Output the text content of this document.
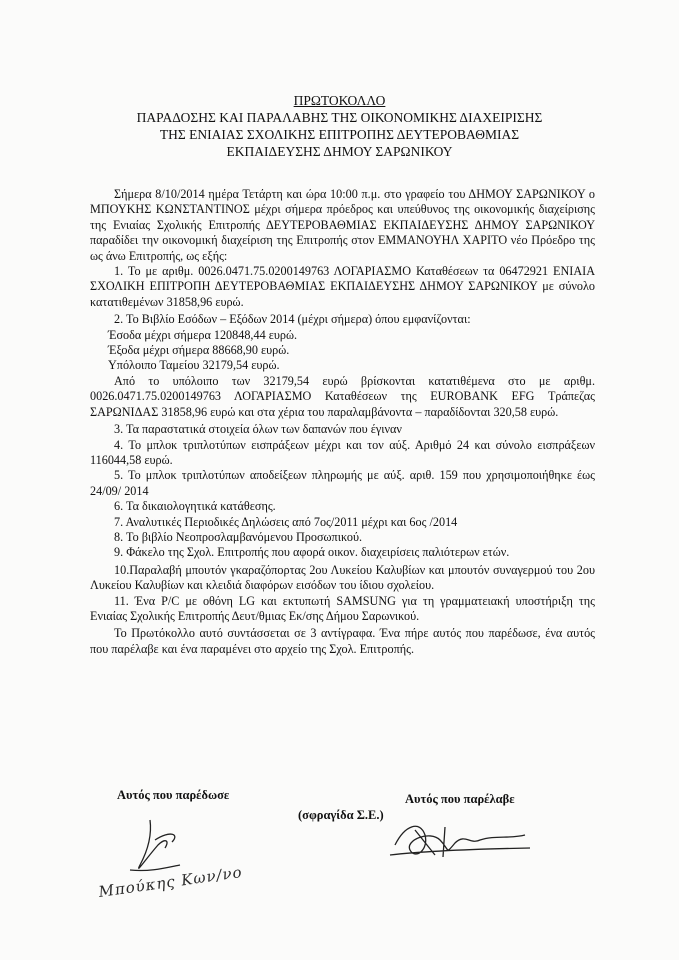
ΠΡΩΤΟΚΟΛΛΟ
ΠΑΡΑΔΟΣΗΣ ΚΑΙ ΠΑΡΑΛΑΒΗΣ ΤΗΣ ΟΙΚΟΝΟΜΙΚΗΣ ΔΙΑΧΕΙΡΙΣΗΣ
ΤΗΣ ΕΝΙΑΙΑΣ ΣΧΟΛΙΚΗΣ ΕΠΙΤΡΟΠΗΣ ΔΕΥΤΕΡΟΒΑΘΜΙΑΣ
ΕΚΠΑΙΔΕΥΣΗΣ ΔΗΜΟΥ ΣΑΡΩΝΙΚΟΥ

Σήμερα 8/10/2014 ημέρα Τετάρτη και ώρα 10:00 π.μ. στο γραφείο του ΔΗΜΟΥ ΣΑΡΩΝΙΚΟΥ ο ΜΠΟΥΚΗΣ ΚΩΝΣΤΑΝΤΙΝΟΣ μέχρι σήμερα πρόεδρος και υπεύθυνος της οικονομικής διαχείρισης της Ενιαίας Σχολικής Επιτροπής ΔΕΥΤΕΡΟΒΑΘΜΙΑΣ ΕΚΠΑΙΔΕΥΣΗΣ ΔΗΜΟΥ ΣΑΡΩΝΙΚΟΥ παραδίδει την οικονομική διαχείριση της Επιτροπής στον ΕΜΜΑΝΟΥΗΛ ΧΑΡΙΤΟ νέο Πρόεδρο της ως άνω Επιτροπής, ως εξής:

1. Το με αριθμ. 0026.0471.75.0200149763 ΛΟΓΑΡΙΑΣΜΟ Καταθέσεων τα 06472921 ΕΝΙΑΙΑ ΣΧΟΛΙΚΗ ΕΠΙΤΡΟΠΗ ΔΕΥΤΕΡΟΒΑΘΜΙΑΣ ΕΚΠΑΙΔΕΥΣΗΣ ΔΗΜΟΥ ΣΑΡΩΝΙΚΟΥ με σύνολο κατατιθεμένων 31858,96 ευρώ.

2. Το Βιβλίο Εσόδων – Εξόδων 2014 (μέχρι σήμερα) όπου εμφανίζονται:

Έσοδα μέχρι σήμερα 120848,44 ευρώ.

Έξοδα μέχρι σήμερα 88668,90 ευρώ.

Υπόλοιπο Ταμείου 32179,54 ευρώ.

Από το υπόλοιπο των 32179,54 ευρώ βρίσκονται κατατιθέμενα στο με αριθμ. 0026.0471.75.0200149763 ΛΟΓΑΡΙΑΣΜΟ Καταθέσεων της EUROBANK EFG Τράπεζας ΣΑΡΩΝΙΔΑΣ 31858,96 ευρώ και στα χέρια του παραλαμβάνοντα – παραδίδονται 320,58 ευρώ.

3. Τα παραστατικά στοιχεία όλων των δαπανών που έγιναν

4. Το μπλοκ τριπλοτύπων εισπράξεων μέχρι και τον αύξ. Αριθμό 24 και σύνολο εισπράξεων 116044,58 ευρώ.

5. Το μπλοκ τριπλοτύπων αποδείξεων πληρωμής με αύξ. αριθ. 159 που χρησιμοποιήθηκε έως 24/09/ 2014

6. Τα δικαιολογητικά κατάθεσης.

7. Αναλυτικές Περιοδικές Δηλώσεις από 7ος/2011 μέχρι και 6ος /2014

8. Το βιβλίο Νεοπροσλαμβανόμενου Προσωπικού.

9. Φάκελο της Σχολ. Επιτροπής που αφορά οικον. διαχειρίσεις παλιότερων ετών.

10.Παραλαβή μπουτόν γκαραζόπορτας 2ου Λυκείου Καλυβίων και μπουτόν συναγερμού του 2ου Λυκείου Καλυβίων και κλειδιά διαφόρων εισόδων του ίδιου σχολείου.

11. Ένα P/C με οθόνη LG και εκτυπωτή SAMSUNG για τη γραμματειακή υποστήριξη της Ενιαίας Σχολικής Επιτροπής Δευτ/θμιας Εκ/σης Δήμου Σαρωνικού.

Το Πρωτόκολλο αυτό συντάσσεται σε 3 αντίγραφα. Ένα πήρε αυτός που παρέδωσε, ένα αυτός που παρέλαβε και ένα παραμένει στο αρχείο της Σχολ. Επιτροπής.

Αυτός που παρέδωσε	Αυτός που παρέλαβε
(σφραγίδα Σ.Ε.)
Μπούκης Κων/νο
